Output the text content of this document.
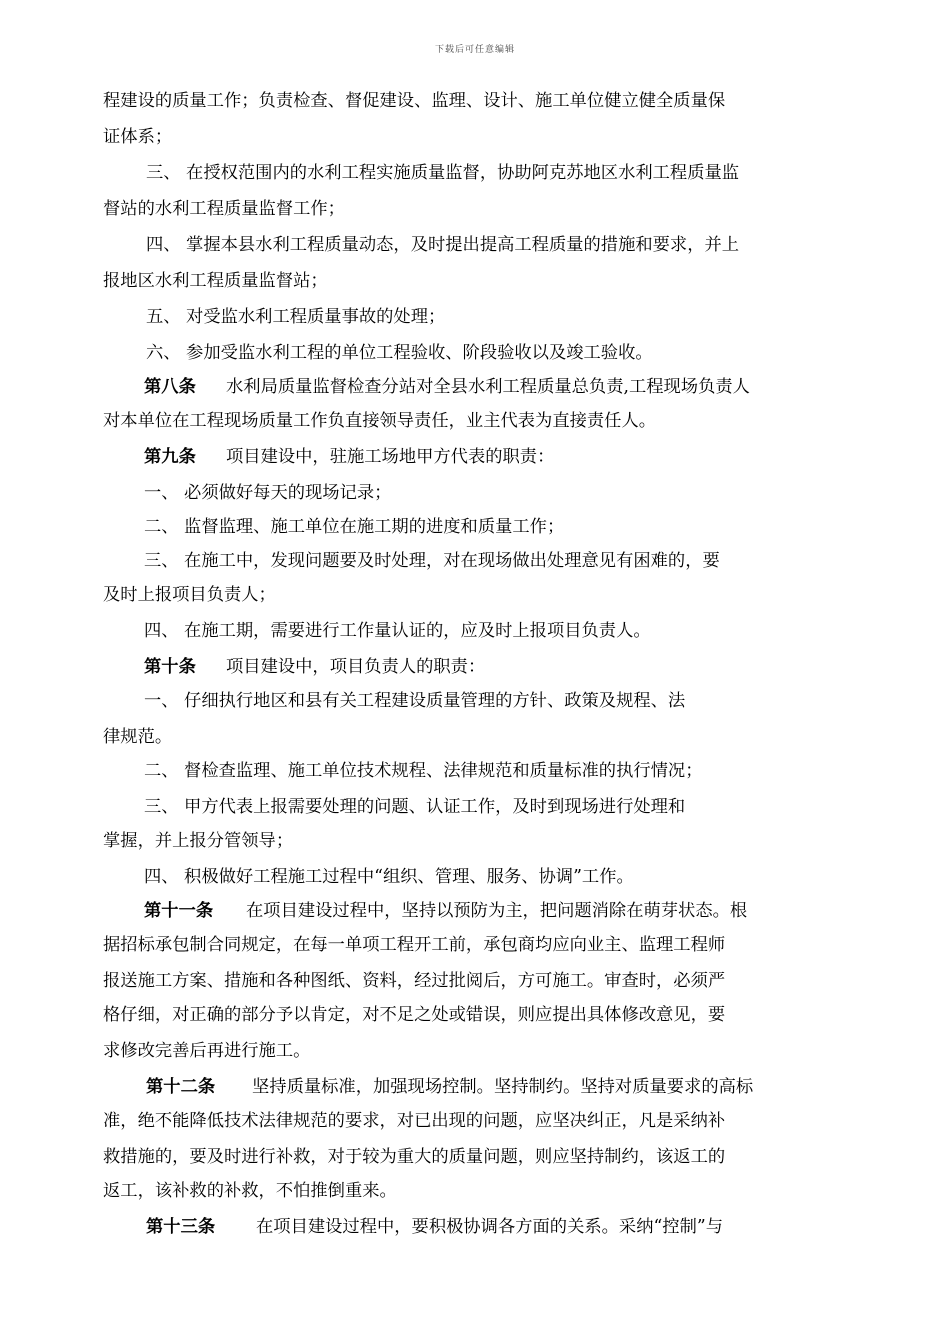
下载后可任意编辑
程建设的质量工作；负责检查、督促建设、监理、设计、施工单位健立健全质量保
证体系；
三、 在授权范围内的水利工程实施质量监督，协助阿克苏地区水利工程质量监
督站的水利工程质量监督工作；
四、 掌握本县水利工程质量动态，及时提出提高工程质量的措施和要求，并上
报地区水利工程质量监督站；
五、 对受监水利工程质量事故的处理；
六、 参加受监水利工程的单位工程验收、阶段验收以及竣工验收。
第八条 水利局质量监督检查分站对全县水利工程质量总负责,工程现场负责人
对本单位在工程现场质量工作负直接领导责任，业主代表为直接责任人。
第九条 项目建设中，驻施工场地甲方代表的职责：
一、 必须做好每天的现场记录；
二、 监督监理、施工单位在施工期的进度和质量工作；
三、 在施工中，发现问题要及时处理，对在现场做出处理意见有困难的，要
及时上报项目负责人；
四、 在施工期，需要进行工作量认证的，应及时上报项目负责人。
第十条 项目建设中，项目负责人的职责：
一、 仔细执行地区和县有关工程建设质量管理的方针、政策及规程、法
律规范。
二、 督检查监理、施工单位技术规程、法律规范和质量标准的执行情况；
三、 甲方代表上报需要处理的问题、认证工作，及时到现场进行处理和
掌握，并上报分管领导；
四、 积极做好工程施工过程中“组织、管理、服务、协调”工作。
第十一条 在项目建设过程中，坚持以预防为主，把问题消除在萌芽状态。根
据招标承包制合同规定，在每一单项工程开工前，承包商均应向业主、监理工程师
报送施工方案、措施和各种图纸、资料，经过批阅后，方可施工。审查时，必须严
格仔细，对正确的部分予以肯定，对不足之处或错误，则应提出具体修改意见，要
求修改完善后再进行施工。
第十二条 坚持质量标准，加强现场控制。坚持制约。坚持对质量要求的高标
准，绝不能降低技术法律规范的要求，对已出现的问题，应坚决纠正，凡是采纳补
救措施的，要及时进行补救，对于较为重大的质量问题，则应坚持制约，该返工的
返工，该补救的补救，不怕推倒重来。
第十三条 在项目建设过程中，要积极协调各方面的关系。采纳“控制”与
